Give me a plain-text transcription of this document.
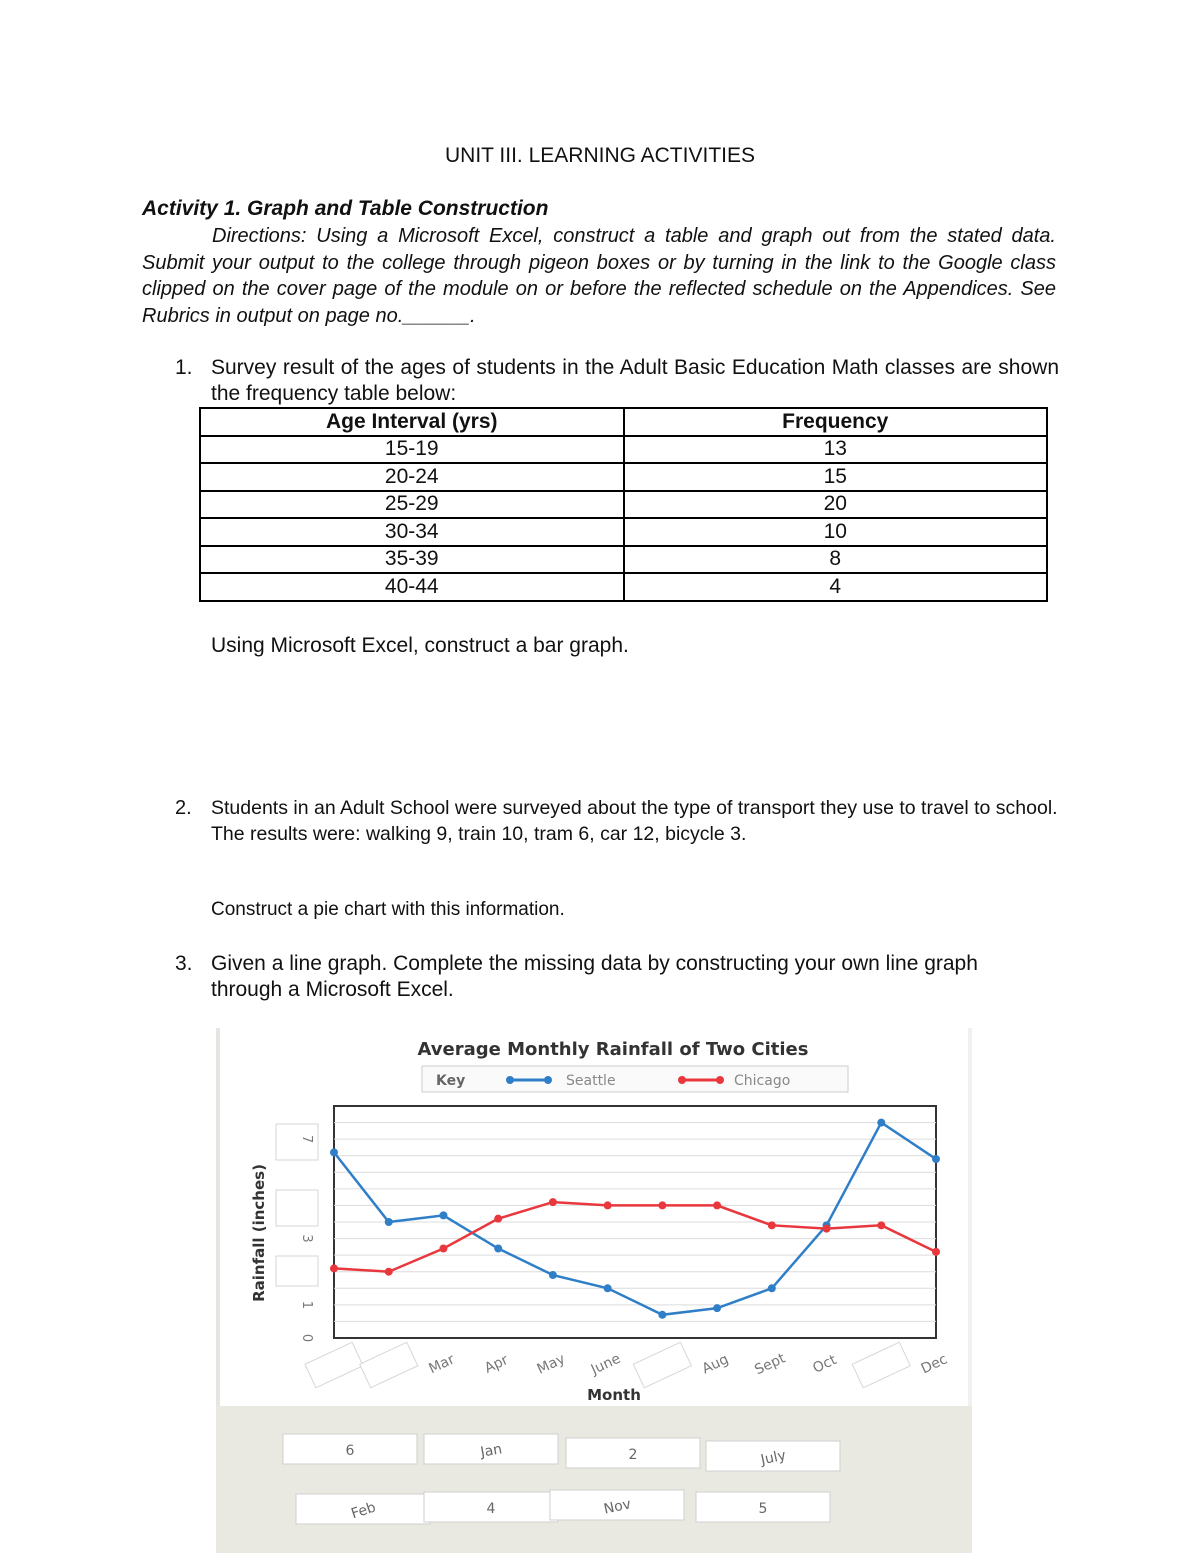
UNIT III. LEARNING ACTIVITIES
Activity 1. Graph and Table Construction
Directions: Using a Microsoft Excel, construct a table and graph out from the stated data. Submit your output to the college through pigeon boxes or by turning in the link to the Google class clipped on the cover page of the module on or before the reflected schedule on the Appendices. See Rubrics in output on page no.______.
1. Survey result of the ages of students in the Adult Basic Education Math classes are shown the frequency table below:
Age Interval (yrs)	Frequency
15-19	13
20-24	15
25-29	20
30-34	10
35-39	8
40-44	4
Using Microsoft Excel, construct a bar graph.
2. Students in an Adult School were surveyed about the type of transport they use to travel to school. The results were: walking 9, train 10, tram 6, car 12, bicycle 3.
Construct a pie chart with this information.
3. Given a line graph. Complete the missing data by constructing your own line graph through a Microsoft Excel.
Average Monthly Rainfall of Two Cities
Key	Seattle	Chicago
Rainfall (inches)
Month
0
1
3
7
Mar Apr May June	Aug Sept Oct	Dec
6	Jan	2	July
Feb	4	Nov	5
